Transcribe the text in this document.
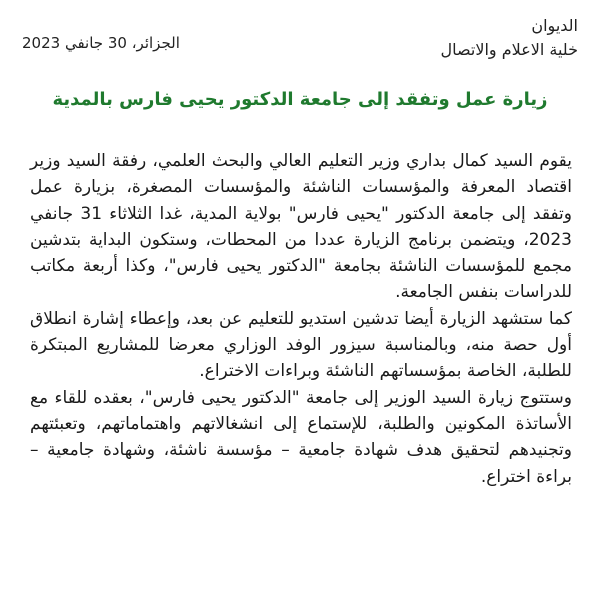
الديوان
خلية الاعلام والاتصال
الجزائر، 30 جانفي 2023
زيارة عمل وتفقد إلى جامعة الدكتور يحيى فارس بالمدية

يقوم السيد كمال بداري وزير التعليم العالي والبحث العلمي، رفقة السيد وزير اقتصاد المعرفة والمؤسسات الناشئة والمؤسسات المصغرة، بزيارة عمل وتفقد إلى جامعة الدكتور "يحيى فارس" بولاية المدية، غدا الثلاثاء 31 جانفي 2023، ويتضمن برنامج الزيارة عددا من المحطات، وستكون البداية بتدشين مجمع للمؤسسات الناشئة بجامعة "الدكتور يحيى فارس"، وكذا أربعة مكاتب للدراسات بنفس الجامعة.

كما ستشهد الزيارة أيضا تدشين استديو للتعليم عن بعد، وإعطاء إشارة انطلاق أول حصة منه، وبالمناسبة سيزور الوفد الوزاري معرضا للمشاريع المبتكرة للطلبة، الخاصة بمؤسساتهم الناشئة وبراءات الاختراع.

وستتوج زيارة السيد الوزير إلى جامعة "الدكتور يحيى فارس"، بعقده للقاء مع الأساتذة المكونين والطلبة، للإستماع إلى انشغالاتهم واهتماماتهم، وتعبئتهم وتجنيدهم لتحقيق هدف شهادة جامعية – مؤسسة ناشئة، وشهادة جامعية – براءة اختراع.
